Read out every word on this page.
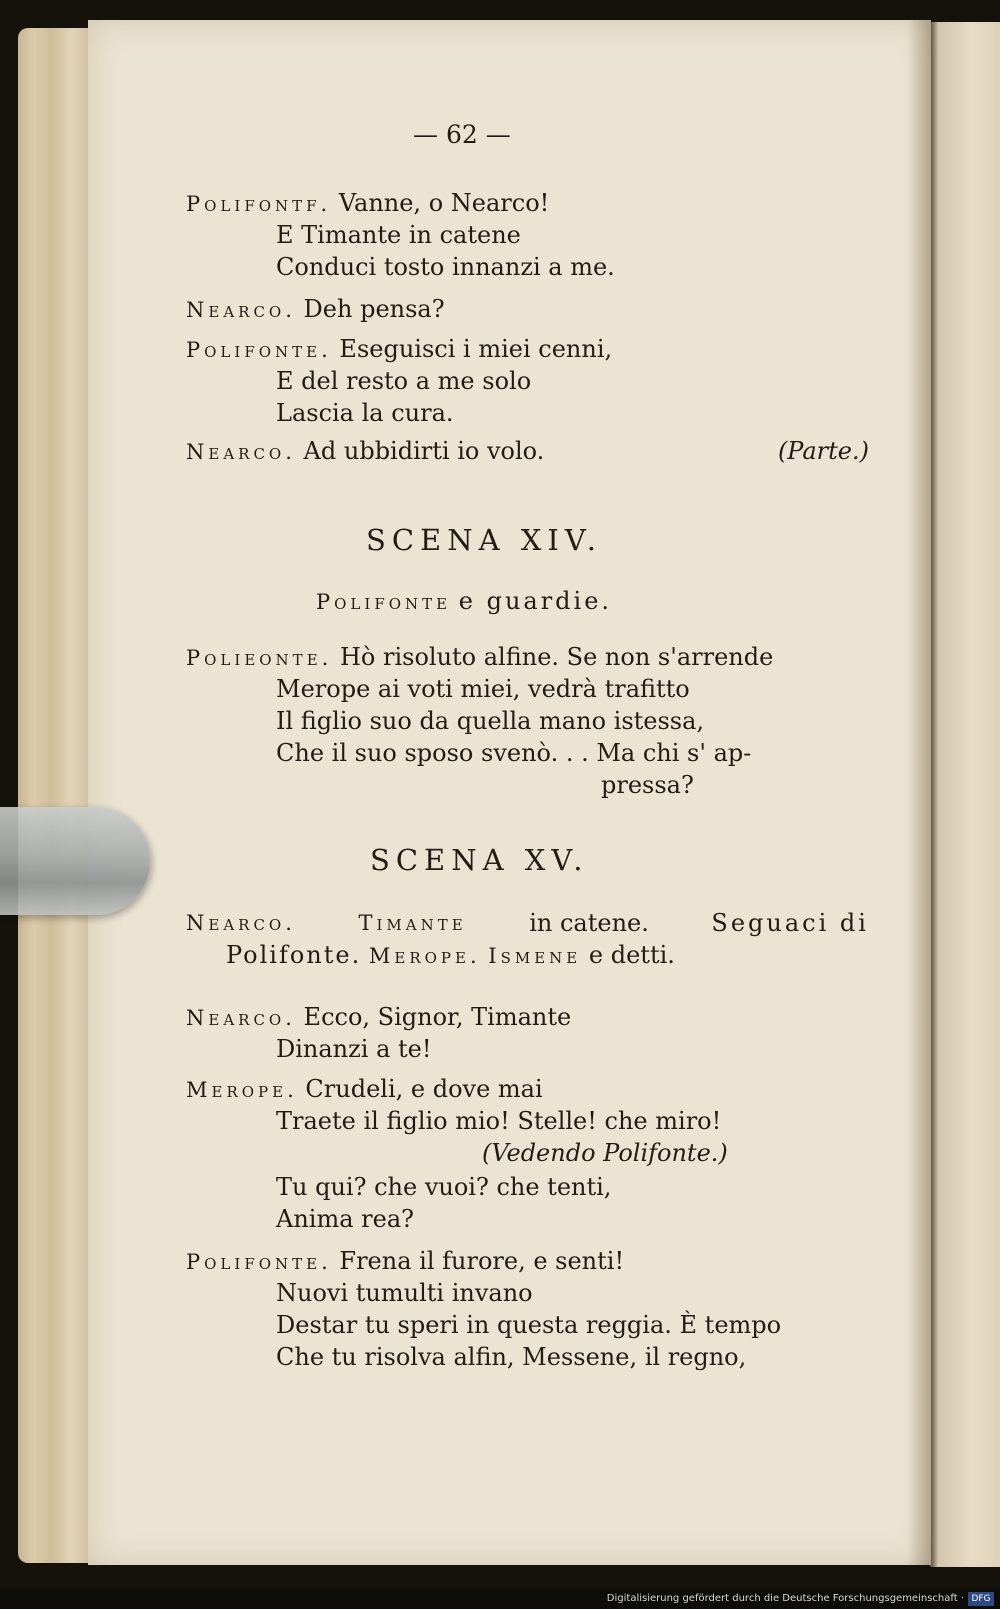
— 62 —
Polifontf. Vanne, o Nearco!
E Timante in catene
Conduci tosto innanzi a me.
Nearco. Deh pensa?
Polifonte. Eseguisci i miei cenni,
E del resto a me solo
Lascia la cura.
Nearco. Ad ubbidirti io volo.	(Parte.)
SCENA XIV.
Polifonte e guardie.
Polieonte. Hò risoluto alfine. Se non s'arrende
Merope ai voti miei, vedrà trafitto
Il figlio suo da quella mano istessa,
Che il suo sposo svenò. . . Ma chi s' ap-
pressa?
SCENA XV.
Nearco.	Timante	in catene.	Seguaci di
Polifonte. Merope. Ismene e detti.
Nearco. Ecco, Signor, Timante
Dinanzi a te!
Merope. Crudeli, e dove mai
Traete il figlio mio! Stelle! che miro!
(Vedendo Polifonte.)
Tu qui? che vuoi? che tenti,
Anima rea?
Polifonte. Frena il furore, e senti!
Nuovi tumulti invano
Destar tu speri in questa reggia. È tempo
Che tu risolva alfin, Messene, il regno,
Digitalisierung gefördert durch die Deutsche Forschungsgemeinschaft · DFG
